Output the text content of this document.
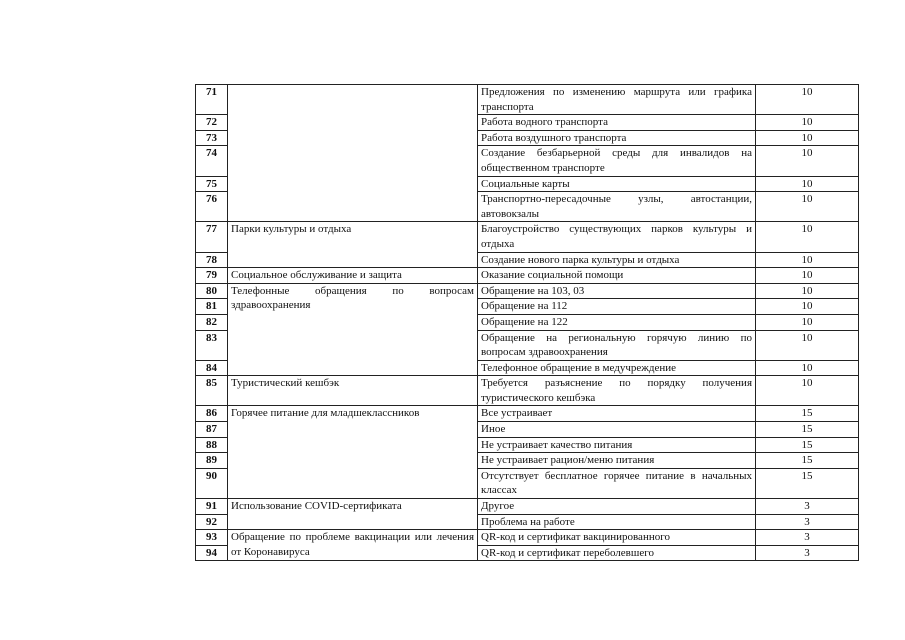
71		Предложения по изменению маршрута или графика транспорта	10
72		Работа водного транспорта	10
73		Работа воздушного транспорта	10
74		Создание безбарьерной среды для инвалидов на общественном транспорте	10
75		Социальные карты	10
76		Транспортно-пересадочные узлы, автостанции, автовокзалы	10
77	Парки культуры и отдыха	Благоустройство существующих парков культуры и отдыха	10
78		Создание нового парка культуры и отдыха	10
79	Социальное обслуживание и защита	Оказание социальной помощи	10
80	Телефонные обращения по вопросам здравоохранения	Обращение на 103, 03	10
81		Обращение на 112	10
82		Обращение на 122	10
83		Обращение на региональную горячую линию по вопросам здравоохранения	10
84		Телефонное обращение в медучреждение	10
85	Туристический кешбэк	Требуется разъяснение по порядку получения туристического кешбэка	10
86	Горячее питание для младшеклассников	Все устраивает	15
87		Иное	15
88		Не устраивает качество питания	15
89		Не устраивает рацион/меню питания	15
90		Отсутствует бесплатное горячее питание в начальных классах	15
91	Использование COVID-сертификата	Другое	3
92		Проблема на работе	3
93	Обращение по проблеме вакцинации или лечения от Коронавируса	QR-код и сертификат вакцинированного	3
94		QR-код и сертификат переболевшего	3
